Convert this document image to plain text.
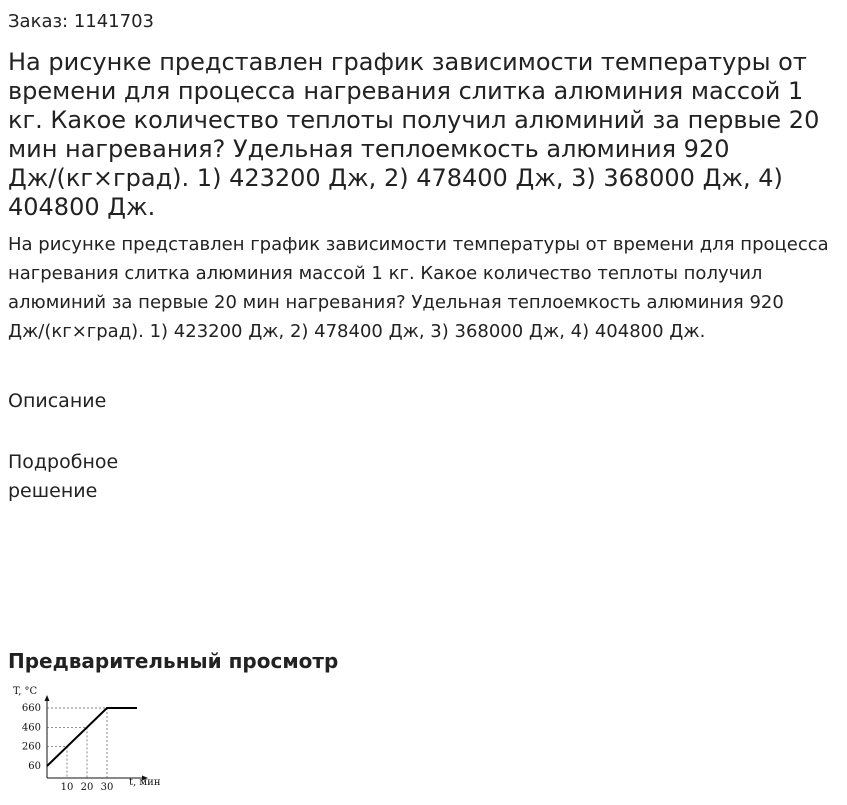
Заказ: 1141703
На рисунке представлен график зависимости температуры от времени для процесса нагревания слитка алюминия массой 1 кг. Какое количество теплоты получил алюминий за первые 20 мин нагревания? Удельная теплоемкость алюминия 920 Дж/(кг×град). 1) 423200 Дж, 2) 478400 Дж, 3) 368000 Дж, 4) 404800 Дж.

На рисунке представлен график зависимости температуры от времени для процесса нагревания слитка алюминия массой 1 кг. Какое количество теплоты получил алюминий за первые 20 мин нагревания? Удельная теплоемкость алюминия 920 Дж/(кг×град). 1) 423200 Дж, 2) 478400 Дж, 3) 368000 Дж, 4) 404800 Дж.

Описание
Подробное решение
Предварительный просмотр
60
260
460
660
10 20 30
T, °C
t, мин
